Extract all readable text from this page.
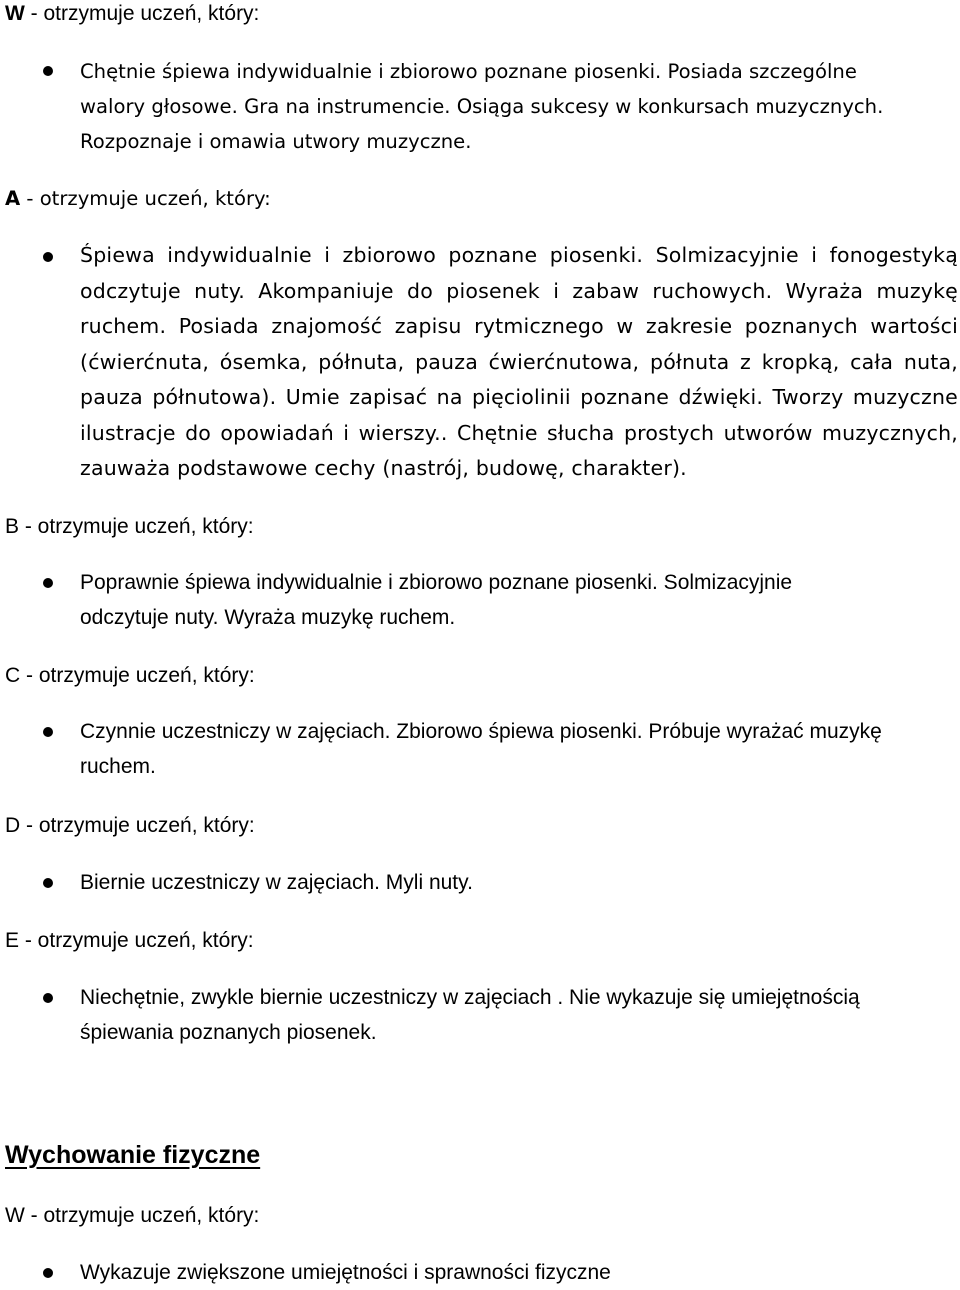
W - otrzymuje uczeń, który:
Chętnie śpiewa indywidualnie i zbiorowo poznane piosenki. Posiada szczególne
walory głosowe. Gra na instrumencie. Osiąga sukcesy w konkursach muzycznych.
Rozpoznaje i omawia utwory muzyczne.
A - otrzymuje uczeń, który:
Śpiewa indywidualnie i zbiorowo poznane piosenki. Solmizacyjnie i fonogestyką
odczytuje nuty. Akompaniuje do piosenek i zabaw ruchowych. Wyraża muzykę
ruchem. Posiada znajomość zapisu rytmicznego w zakresie poznanych wartości
(ćwierćnuta, ósemka, półnuta, pauza ćwierćnutowa, półnuta z kropką, cała nuta,
pauza półnutowa). Umie zapisać na pięciolinii poznane dźwięki. Tworzy muzyczne
ilustracje do opowiadań i wierszy.. Chętnie słucha prostych utworów muzycznych,
zauważa podstawowe cechy (nastrój, budowę, charakter).
B - otrzymuje uczeń, który:
Poprawnie śpiewa indywidualnie i zbiorowo poznane piosenki. Solmizacyjnie
odczytuje nuty. Wyraża muzykę ruchem.
C - otrzymuje uczeń, który:
Czynnie uczestniczy w zajęciach. Zbiorowo śpiewa piosenki. Próbuje wyrażać muzykę
ruchem.
D - otrzymuje uczeń, który:
Biernie uczestniczy w zajęciach. Myli nuty.
E - otrzymuje uczeń, który:
Niechętnie, zwykle biernie uczestniczy w zajęciach . Nie wykazuje się umiejętnością
śpiewania poznanych piosenek.
Wychowanie fizyczne
W - otrzymuje uczeń, który:
Wykazuje zwiększone umiejętności i sprawności fizyczne
